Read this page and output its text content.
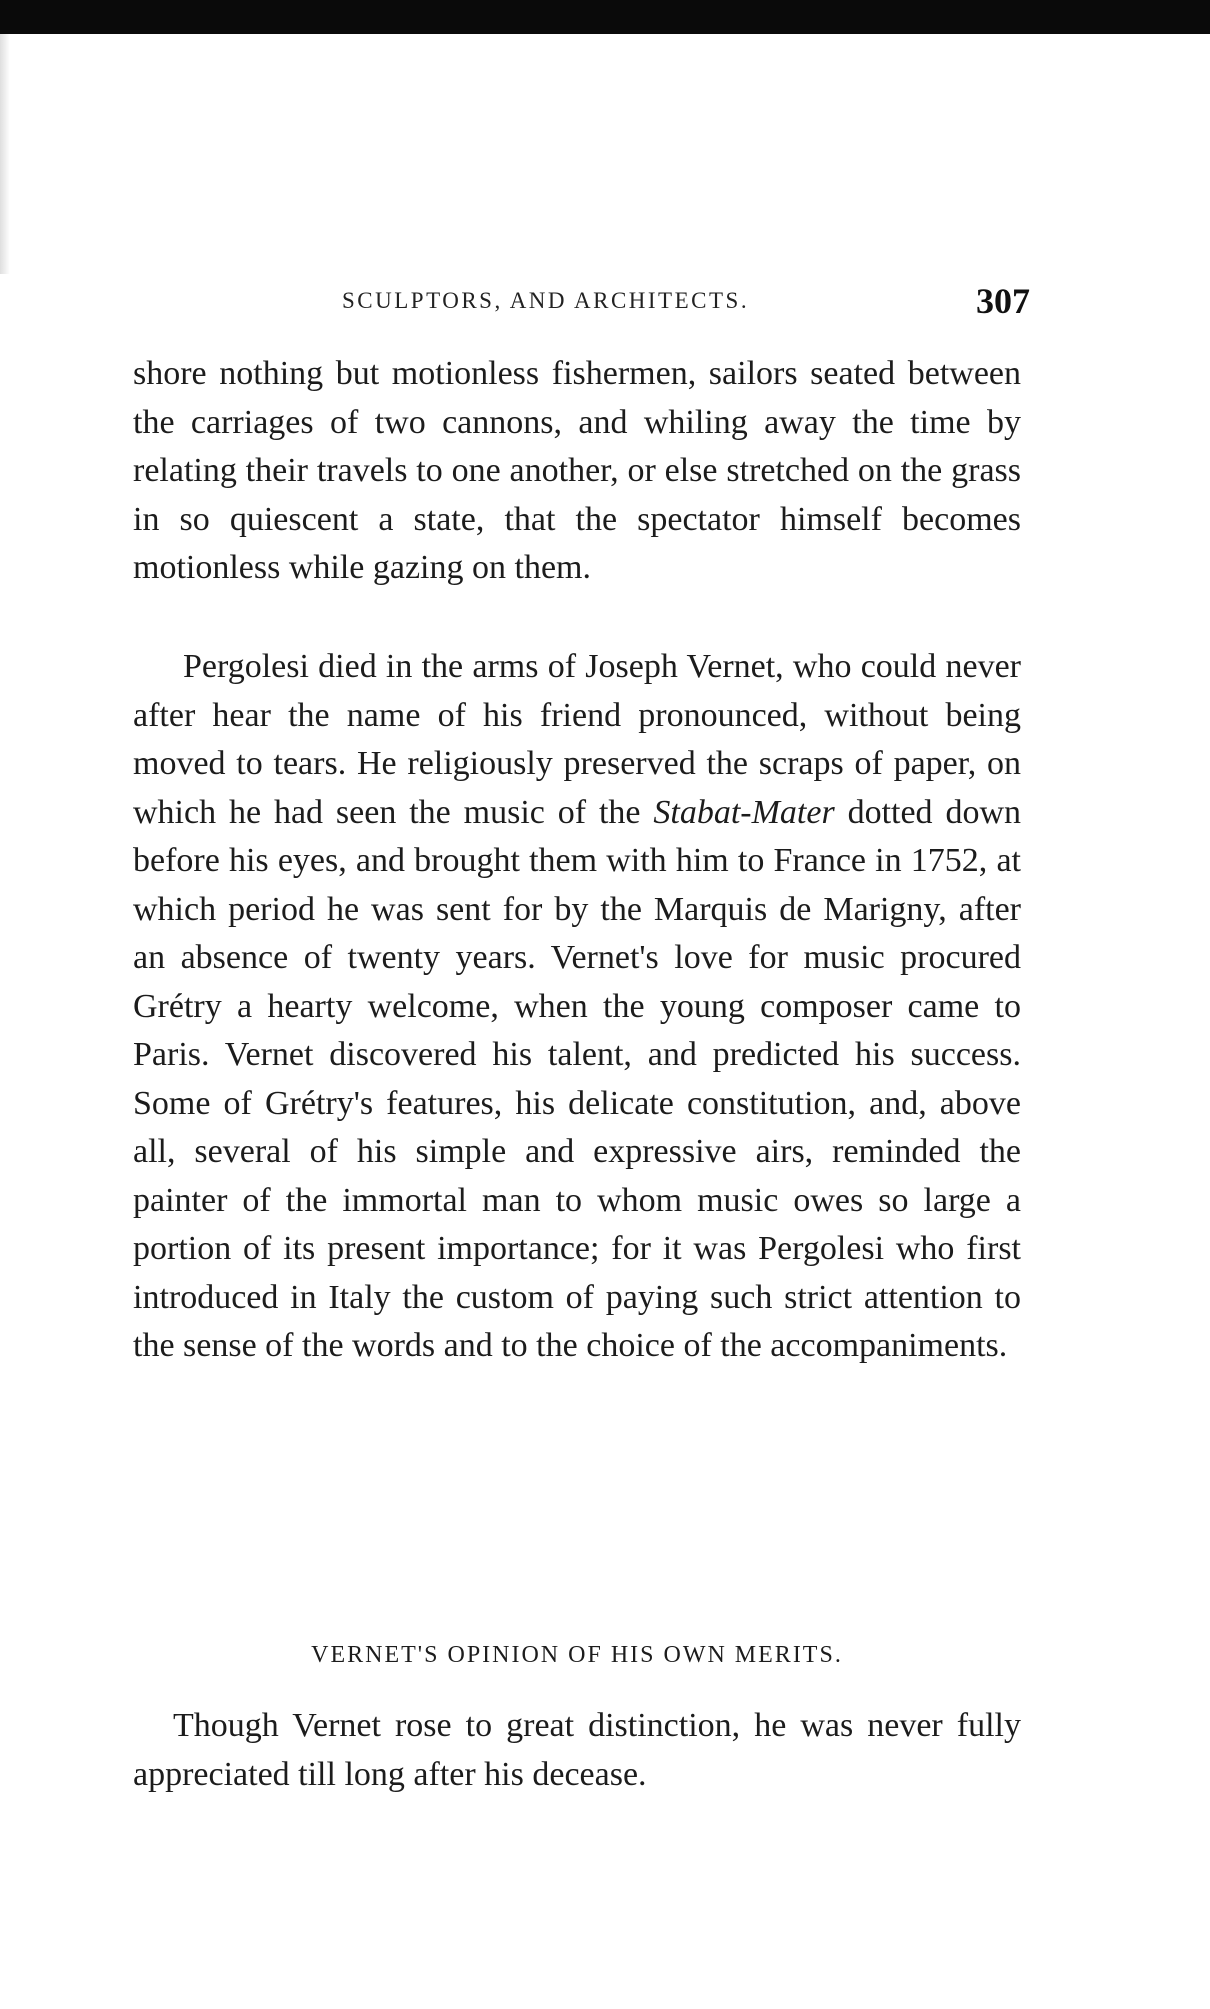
SCULPTORS, AND ARCHITECTS.	307
shore nothing but motionless fishermen, sailors seated between the carriages of two cannons, and whiling away the time by relating their travels to one another, or else stretched on the grass in so quiescent a state, that the spectator himself becomes motionless while gazing on them.
Pergolesi died in the arms of Joseph Vernet, who could never after hear the name of his friend pronounced, without being moved to tears. He religiously preserved the scraps of paper, on which he had seen the music of the Stabat-Mater dotted down before his eyes, and brought them with him to France in 1752, at which period he was sent for by the Marquis de Marigny, after an absence of twenty years. Vernet's love for music procured Grétry a hearty welcome, when the young composer came to Paris. Vernet discovered his talent, and predicted his success. Some of Grétry's features, his delicate constitution, and, above all, several of his simple and expressive airs, reminded the painter of the immortal man to whom music owes so large a portion of its present importance; for it was Pergolesi who first introduced in Italy the custom of paying such strict attention to the sense of the words and to the choice of the accompaniments.
VERNET'S OPINION OF HIS OWN MERITS.
Though Vernet rose to great distinction, he was never fully appreciated till long after his decease.
